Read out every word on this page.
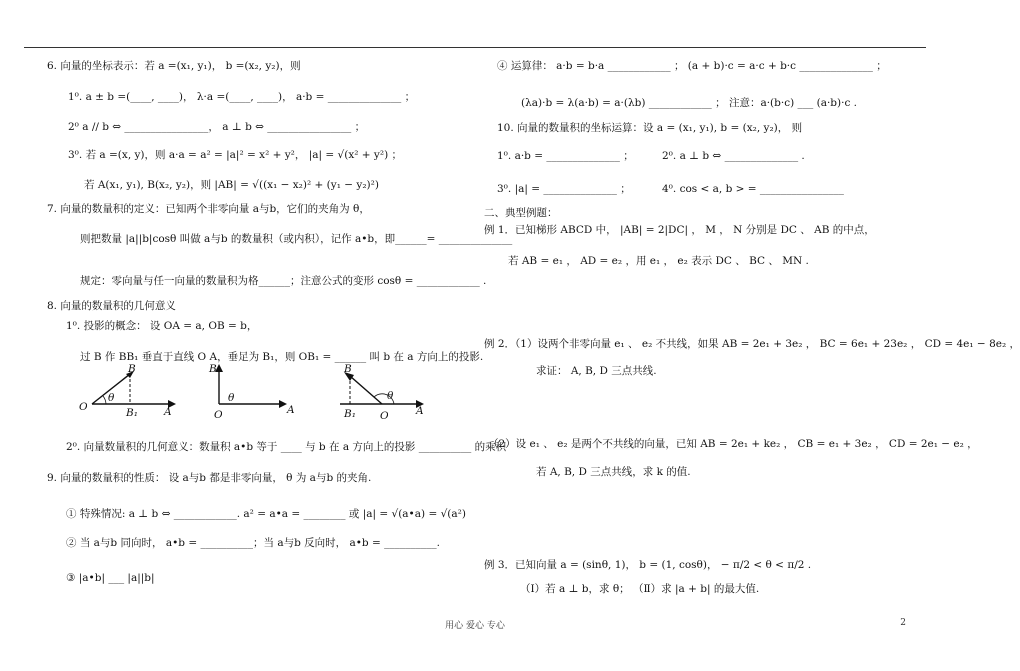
6. 向量的坐标表示：若 a =(x₁, y₁)， b =(x₂, y₂)，则
1⁰. a ± b =(____, ____)， λ·a =(____, ____)， a·b = ______________ ；
2⁰ a // b ⇔ ________________， a ⊥ b ⇔ ________________ ；
3⁰. 若 a =(x, y)，则 a·a = a² = |a|² = x² + y²， |a| = √(x² + y²) ；
若 A(x₁, y₁), B(x₂, y₂)，则 |AB| = √((x₁ − x₂)² + (y₁ − y₂)²)
7. 向量的数量积的定义：已知两个非零向量 a与b，它们的夹角为 θ，
则把数量 |a||b|cosθ 叫做 a与b 的数量积（或内积），记作 a•b，即______= ______________
规定：零向量与任一向量的数量积为格______；注意公式的变形 cosθ = ____________ .
8. 向量的数量积的几何意义
1⁰. 投影的概念： 设 OA = a, OB = b，
过 B 作 BB₁ 垂直于直线 O A，垂足为 B₁，则 OB₁ = ______ 叫 b 在 a 方向上的投影.
O	A
B
B₁
θ
B
θ
O	A
B
θ
B₁ O	A
2⁰. 向量数量积的几何意义：数量积 a•b 等于 ____ 与 b 在 a 方向上的投影 __________ 的乘积
9. 向量的数量积的性质： 设 a与b 都是非零向量， θ 为 a与b 的夹角.
① 特殊情况: a ⊥ b ⇔ ____________. a² = a•a = ________ 或 |a| = √(a•a) = √(a²)
② 当 a与b 同向时， a•b = __________；当 a与b 反向时， a•b = __________.
③ |a•b| ___ |a||b|
④ 运算律： a·b = b·a ____________ ； (a + b)·c = a·c + b·c ______________ ；
(λa)·b = λ(a·b) = a·(λb) ____________ ； 注意：a·(b·c) ___ (a·b)·c .
10. 向量的数量积的坐标运算：设 a = (x₁, y₁), b = (x₂, y₂)， 则
1⁰. a·b = ______________ ；	2⁰. a ⊥ b ⇔ ______________ .
3⁰. |a| = ______________ ；	4⁰. cos < a, b > = ________________
二、典型例题：
例 1．已知梯形 ABCD 中， |AB| = 2|DC| ， M ， N 分别是 DC 、 AB 的中点，
若 AB = e₁ ， AD = e₂ ，用 e₁ ， e₂ 表示 DC 、 BC 、 MN .
例 2．（1）设两个非零向量 e₁ 、 e₂ 不共线，如果 AB = 2e₁ + 3e₂ ， BC = 6e₁ + 23e₂ ， CD = 4e₁ − 8e₂ ，
求证： A, B, D 三点共线.
（2）设 e₁ 、 e₂ 是两个不共线的向量，已知 AB = 2e₁ + ke₂ ， CB = e₁ + 3e₂ ， CD = 2e₁ − e₂ ，
若 A, B, D 三点共线，求 k 的值.
例 3．已知向量 a = (sinθ, 1)， b = (1, cosθ)， − π/2 < θ < π/2 .
（Ⅰ）若 a ⊥ b，求 θ； （Ⅱ）求 |a + b| 的最大值.
用心 爱心 专心	2
